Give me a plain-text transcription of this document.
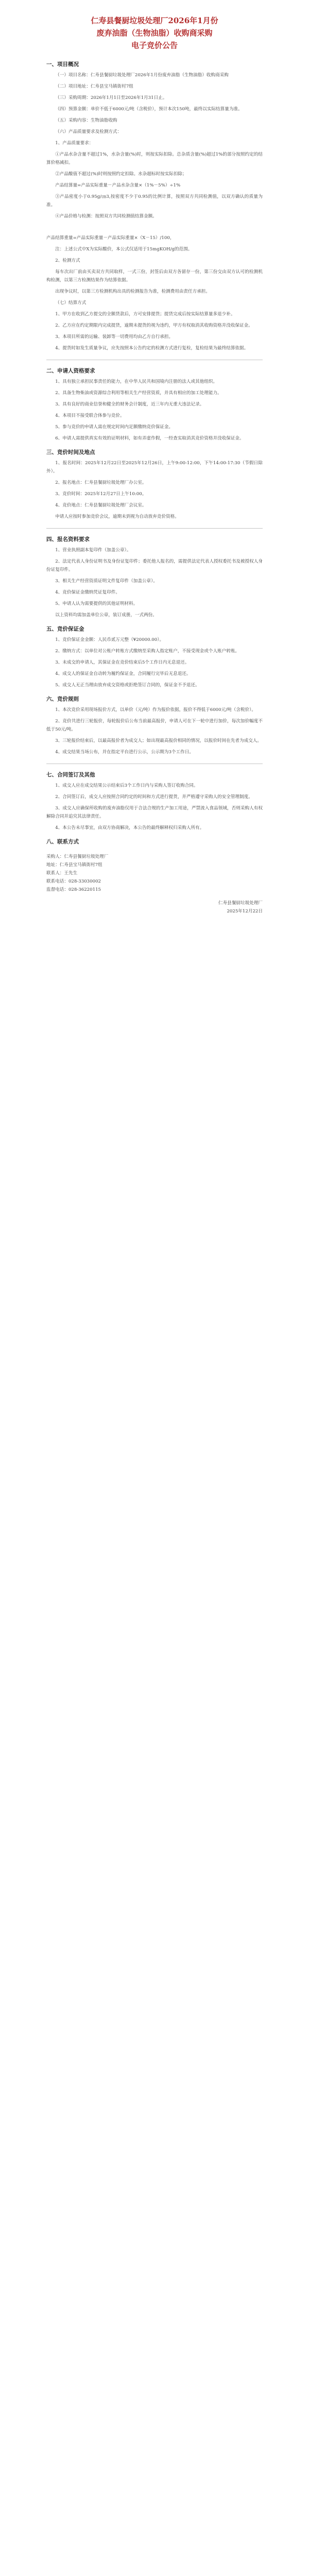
仁寿县餐厨垃圾处理厂2026年1月份
废弃油脂（生物油脂）收购商采购
电子竞价公告
一、项目概况

（一）项目名称：仁寿县餐厨垃圾处理厂2026年1月份废弃油脂（生物油脂）收购商采购

（二）项目地址：仁寿县宝马镇街村7组

（三）采购周期：2026年1月1日至2026年1月31日止。

（四）预算金额：单价不低于6000元/吨（含税价），预计本次150吨，最终以实际结算量为准。

（五）采购内容：生物油脂收购

（六）产品质量要求及检测方式：

1、产品质量要求：

①产品水杂含量不超过1%，水杂含量(%)时，则按实际扣除。总杂质含量(%)超过1%的部分按照约定的结算价格减扣。

②产品酸值不超过(%)时则按照约定扣除。水杂超标时按实际扣除；

产品结算量=产品实际重量－产品水杂含量×（1%－5%）÷1%

③产品密度小于0.95g/㎝3,按密度不少于0.95的比例计算，按照双方共同检测值，以双方确认的质量为准。

④产品价格与检测：按照双方共同检测值结算金额。

产品结算重量=产品实际重量－产品实际重量×（X－15）/100，

注：上述公式中X为实际酸价，本公式仅适用于15mgKOH/g的范围。

2、检测方式

每车次出厂前由买卖双方共同取样，一式三份，封签后由双方各留存一份，第三份交由双方认可的检测机构检测，以第三方检测结果作为结算依据。

出现争议时，以第三方检测机构出具的检测报告为准，检测费用由责任方承担。

（七）结算方式

1、甲方在收到乙方提交的全额货款后，方可安排提货；提货完成后按实际结算量多退少补。

2、乙方应在约定期限内完成提货，逾期未提货的视为违约，甲方有权取消其收购资格并没收保证金。

3、本项目所需的运输、装卸等一切费用均由乙方自行承担。

4、提货时如发生质量争议，应先按照本公告约定的检测方式进行复检，复检结果为最终结算依据。

二、申请人资格要求

1、具有独立承担民事责任的能力，在中华人民共和国境内注册的法人或其他组织。

2、具备生物柴油或资源综合利用等相关生产经营资质，并具有相应的加工处理能力。

3、具有良好的商业信誉和健全的财务会计制度，近三年内无重大违法记录。

4、本项目不接受联合体参与竞价。

5、参与竞价的申请人需在规定时间内足额缴纳竞价保证金。

6、申请人需提供真实有效的证明材料，如有弄虚作假，一经查实取消其竞价资格并没收保证金。

三、竞价时间及地点

1、报名时间：2025年12月22日至2025年12月26日，上午9:00-12:00，下午14:00-17:30（节假日除外）。

2、报名地点：仁寿县餐厨垃圾处理厂办公室。

3、竞价时间：2025年12月27日上午10:00。

4、竞价地点：仁寿县餐厨垃圾处理厂会议室。

申请人应按时参加竞价会议，逾期未到视为自动放弃竞价资格。

四、报名资料要求

1、营业执照副本复印件（加盖公章）。

2、法定代表人身份证明书及身份证复印件；委托他人报名的，需提供法定代表人授权委托书及被授权人身份证复印件。

3、相关生产经营资质证明文件复印件（加盖公章）。

4、竞价保证金缴纳凭证复印件。

5、申请人认为需要提供的其他证明材料。

以上资料均需加盖单位公章，装订成册，一式两份。

五、竞价保证金

1、竞价保证金金额：人民币贰万元整（¥20000.00）。

2、缴纳方式：以单位对公账户转账方式缴纳至采购人指定账户，不接受现金或个人账户转账。

3、未成交的申请人，其保证金在竞价结束后5个工作日内无息退还。

4、成交人的保证金自动转为履约保证金，合同履行完毕后无息退还。

5、成交人无正当理由放弃成交资格或拒绝签订合同的，保证金不予退还。

六、竞价规则

1、本次竞价采用现场报价方式，以单价（元/吨）作为报价依据，报价不得低于6000元/吨（含税价）。

2、竞价共进行三轮报价，每轮报价后公布当前最高报价，申请人可在下一轮中进行加价，每次加价幅度不低于50元/吨。

3、三轮报价结束后，以最高报价者为成交人；如出现最高报价相同的情况，以报价时间在先者为成交人。

4、成交结果当场公布，并在指定平台进行公示，公示期为3个工作日。

七、合同签订及其他

1、成交人应在成交结果公示结束后3个工作日内与采购人签订收购合同。

2、合同签订后，成交人应按照合同约定的时间和方式进行提货，并严格遵守采购人的安全管理制度。

3、成交人应确保所收购的废弃油脂仅用于合法合规的生产加工用途，严禁流入食品领域，否则采购人有权解除合同并追究其法律责任。

4、本公告未尽事宜，由双方协商解决，本公告的最终解释权归采购人所有。

八、联系方式
采购人：仁寿县餐厨垃圾处理厂
地址：仁寿县宝马镇街村7组
联系人：王先生
联系电话：028-33030002
监督电话：028-36220115
仁寿县餐厨垃圾处理厂
2025年12月22日
